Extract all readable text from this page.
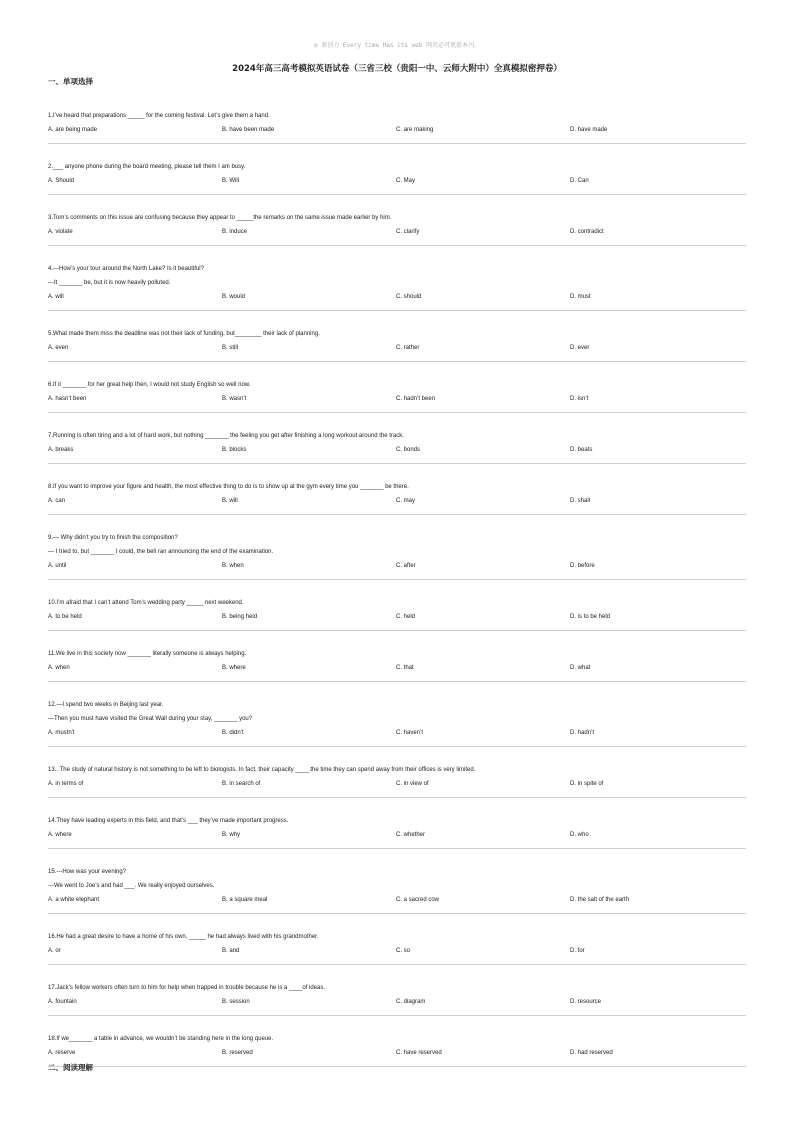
◎ 原创力 Every time Has its web 网页必可更新本刊。
2024年高三高考模拟英语试卷（三省三校（贵阳一中、云师大附中）全真模拟密押卷）
一、单项选择
1.I’ve heard that preparations _____ for the coming festival. Let’s give them a hand.
A. are being made	B. have been made	C. are making	D. have made
2.___ anyone phone during the board meeting, please tell them I am busy.
A. Should	B. Will	C. May	D. Can
3.Tom’s comments on this issue are confusing because they appear to _____the remarks on the same issue made earlier by him.
A. violate	B. induce	C. clarify	D. contradict
4.---How’s your tour around the North Lake? Is it beautiful?
---It _______ be, but it is now heavily polluted.
A. will	B. would	C. should	D. must
5.What made them miss the deadline was not their lack of funding, but________ their lack of planning.
A. even	B. still	C. rather	D. ever
6.If it _______ for her great help then, I would not study English so well now.
A. hasn’t been	B. wasn’t	C. hadn’t been	D. isn’t
7.Running is often tiring and a lot of hard work, but nothing _______ the feeling you get after finishing a long workout around the track.
A. breaks	B. blocks	C. bonds	D. beats
8.If you want to improve your figure and health, the most effective thing to do is to show up at the gym every time you _______ be there.
A. can	B. will	C. may	D. shall
9.— Why didn’t you try to finish the composition?
— I tried to, but _______ I could, the bell ran announcing the end of the examination.
A. until	B. when	C. after	D. before
10.I’m afraid that I can’t attend Tom’s wedding party _____ next weekend.
A. to be held	B. being held	C. held	D. is to be held
11.We live in this society now _______ literally someone is always helping.
A. when	B. where	C. that	D. what
12.—I spend two weeks in Beijing last year.
—Then you must have visited the Great Wall during your stay, _______ you?
A. mustn’t	B. didn’t	C. haven’t	D. hadn’t
13.. The study of natural history is not something to be left to biologists. In fact, their capacity ____ the time they can spend away from their offices is very limited.
A. in terms of	B. in search of	C. in view of	D. in spite of
14.They have leading experts in this field, and that’s ___ they’ve made important progress.
A. where	B. why	C. whether	D. who
15.---How was your evening?
---We went to Joe’s and had ___. We really enjoyed ourselves.
A. a white elephant	B. a square meal	C. a sacred cow	D. the salt of the earth
16.He had a great desire to have a home of his own, _____ he had always lived with his grandmother.
A. or	B. and	C. so	D. for
17.Jack’s fellow workers often turn to him for help when trapped in trouble because he is a ____of ideas.
A. fountain	B. session	C. diagram	D. resource
18.If we_______ a table in advance, we wouldn’t be standing here in the long queue.
A. reserve	B. reserved	C. have reserved	D. had reserved
二、阅读理解
